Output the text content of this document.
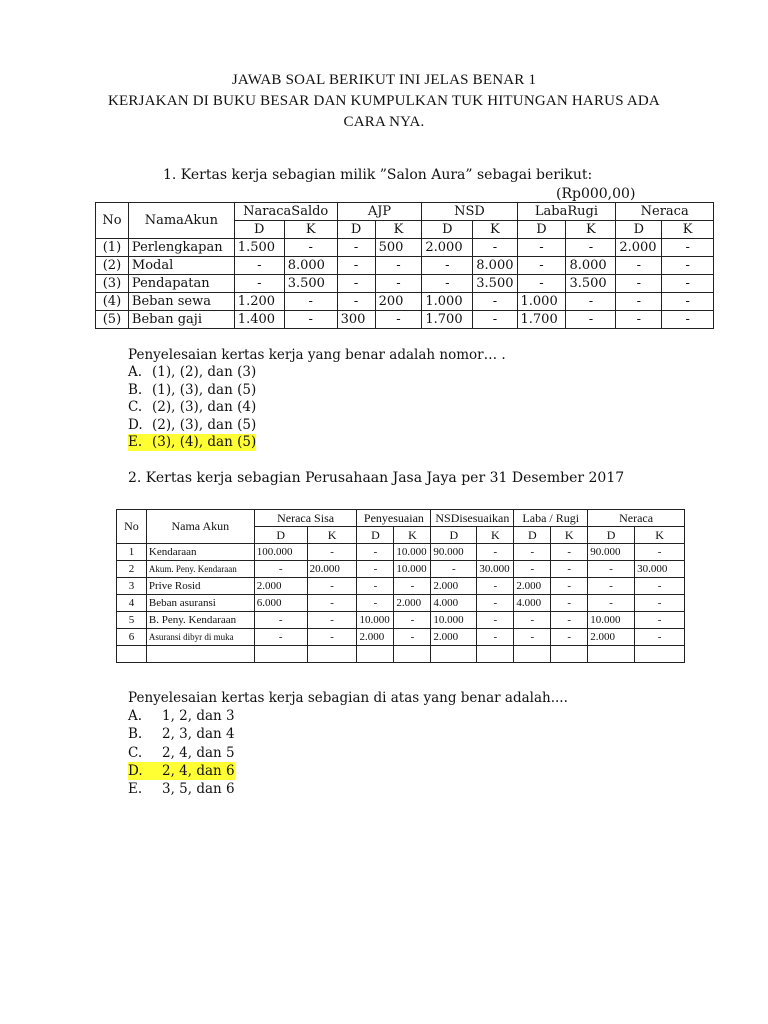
JAWAB SOAL BERIKUT INI JELAS BENAR 1
KERJAKAN DI BUKU BESAR DAN KUMPULKAN TUK HITUNGAN HARUS ADA
CARA NYA.
1. Kertas kerja sebagian milik ”Salon Aura” sebagai berikut:
(Rp000,00)
No	NamaAkun	NaracaSaldo		AJP		NSD		LabaRugi		Neraca	
		D	K	D	K	D	K	D	K	D	K
(1)	Perlengkapan	1.500	-	-	500	2.000	-	-	-	2.000	-
(2)	Modal	-	8.000	-	-	-	8.000	-	8.000	-	-
(3)	Pendapatan	-	3.500	-	-	-	3.500	-	3.500	-	-
(4)	Beban sewa	1.200	-	-	200	1.000	-	1.000	-	-	-
(5)	Beban gaji	1.400	-	300	-	1.700	-	1.700	-	-	-
Penyelesaian kertas kerja yang benar adalah nomor… .
A. (1), (2), dan (3)
B. (1), (3), dan (5)
C. (2), (3), dan (4)
D. (2), (3), dan (5)
E. (3), (4), dan (5)
2. Kertas kerja sebagian Perusahaan Jasa Jaya per 31 Desember 2017
No	Nama Akun	Neraca Sisa		Penyesuaian		NSDisesuaikan		Laba / Rugi		Neraca	
		D	K	D	K	D	K	D	K	D	K
1	Kendaraan	100.000	-	-	10.000	90.000	-	-	-	90.000	-
2	Akum. Peny. Kendaraan	-	20.000	-	10.000	-	30.000	-	-	-	30.000
3	Prive Rosid	2.000	-	-	-	2.000	-	2.000	-	-	-
4	Beban asuransi	6.000	-	-	2.000	4.000	-	4.000	-	-	-
5	B. Peny. Kendaraan	-	-	10.000	-	10.000	-	-	-	10.000	-
6	Asuransi dibyr di muka	-	-	2.000	-	2.000	-	-	-	2.000	-

Penyelesaian kertas kerja sebagian di atas yang benar adalah....
A.	1, 2, dan 3
B.	2, 3, dan 4
C.	2, 4, dan 5
D.	2, 4, dan 6
E.	3, 5, dan 6
